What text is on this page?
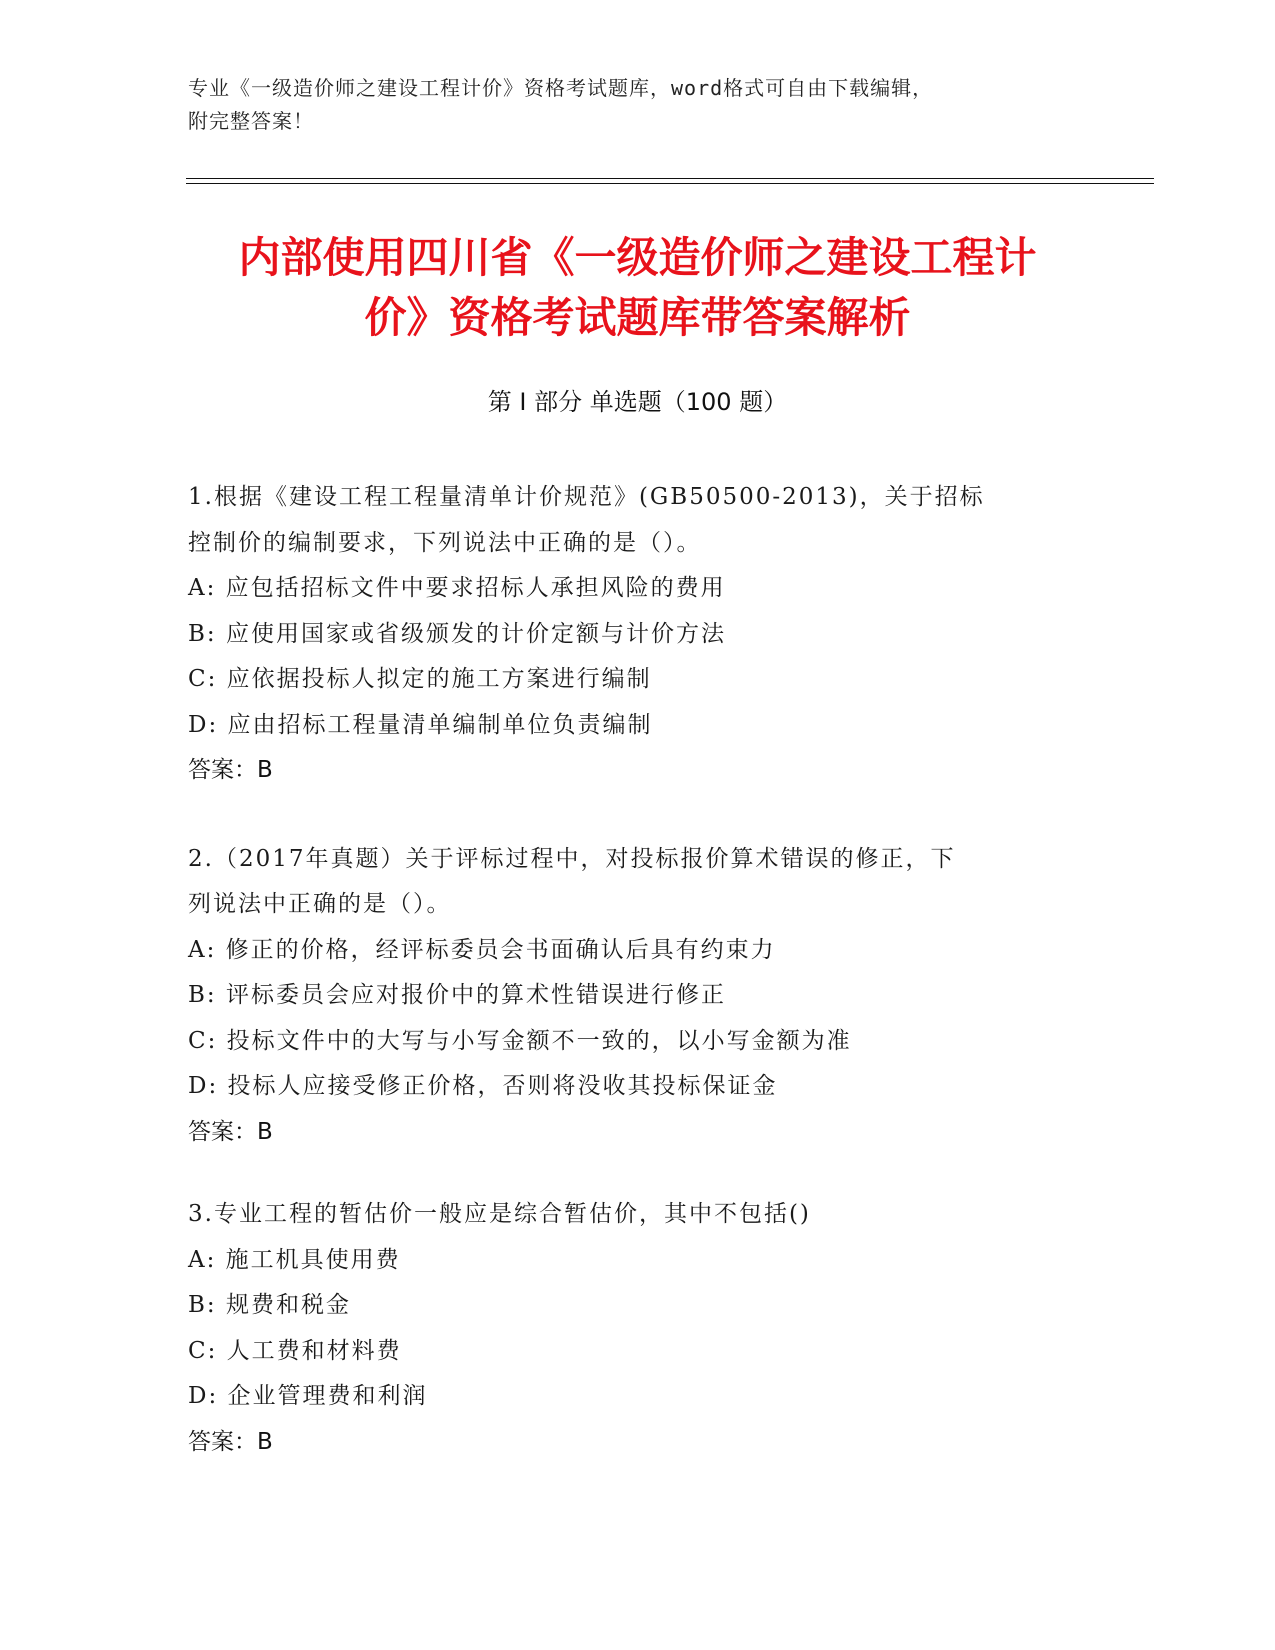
专业《一级造价师之建设工程计价》资格考试题库，word格式可自由下载编辑，
附完整答案！
内部使用四川省《一级造价师之建设工程计
价》资格考试题库带答案解析
第 I 部分 单选题（100 题）
1.根据《建设工程工程量清单计价规范》(GB50500-2013)，关于招标
控制价的编制要求，下列说法中正确的是（）。
A: 应包括招标文件中要求招标人承担风险的费用
B: 应使用国家或省级颁发的计价定额与计价方法
C: 应依据投标人拟定的施工方案进行编制
D: 应由招标工程量清单编制单位负责编制
答案：B
2.（2017年真题）关于评标过程中，对投标报价算术错误的修正，下
列说法中正确的是（）。
A: 修正的价格，经评标委员会书面确认后具有约束力
B: 评标委员会应对报价中的算术性错误进行修正
C: 投标文件中的大写与小写金额不一致的，以小写金额为准
D: 投标人应接受修正价格，否则将没收其投标保证金
答案：B
3.专业工程的暂估价一般应是综合暂估价，其中不包括()
A: 施工机具使用费
B: 规费和税金
C: 人工费和材料费
D: 企业管理费和利润
答案：B
